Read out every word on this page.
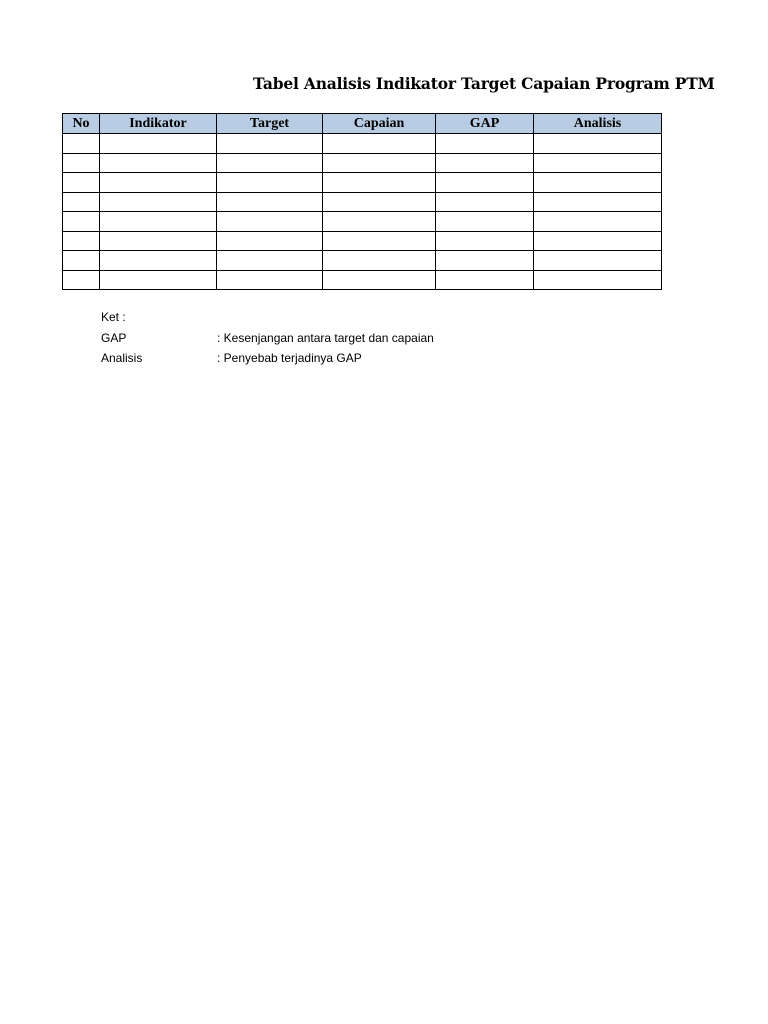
Tabel Analisis Indikator Target Capaian Program PTM
No	Indikator	Target	Capaian	GAP	Analisis

Ket :
GAP	: Kesenjangan antara target dan capaian
Analisis	: Penyebab terjadinya GAP
